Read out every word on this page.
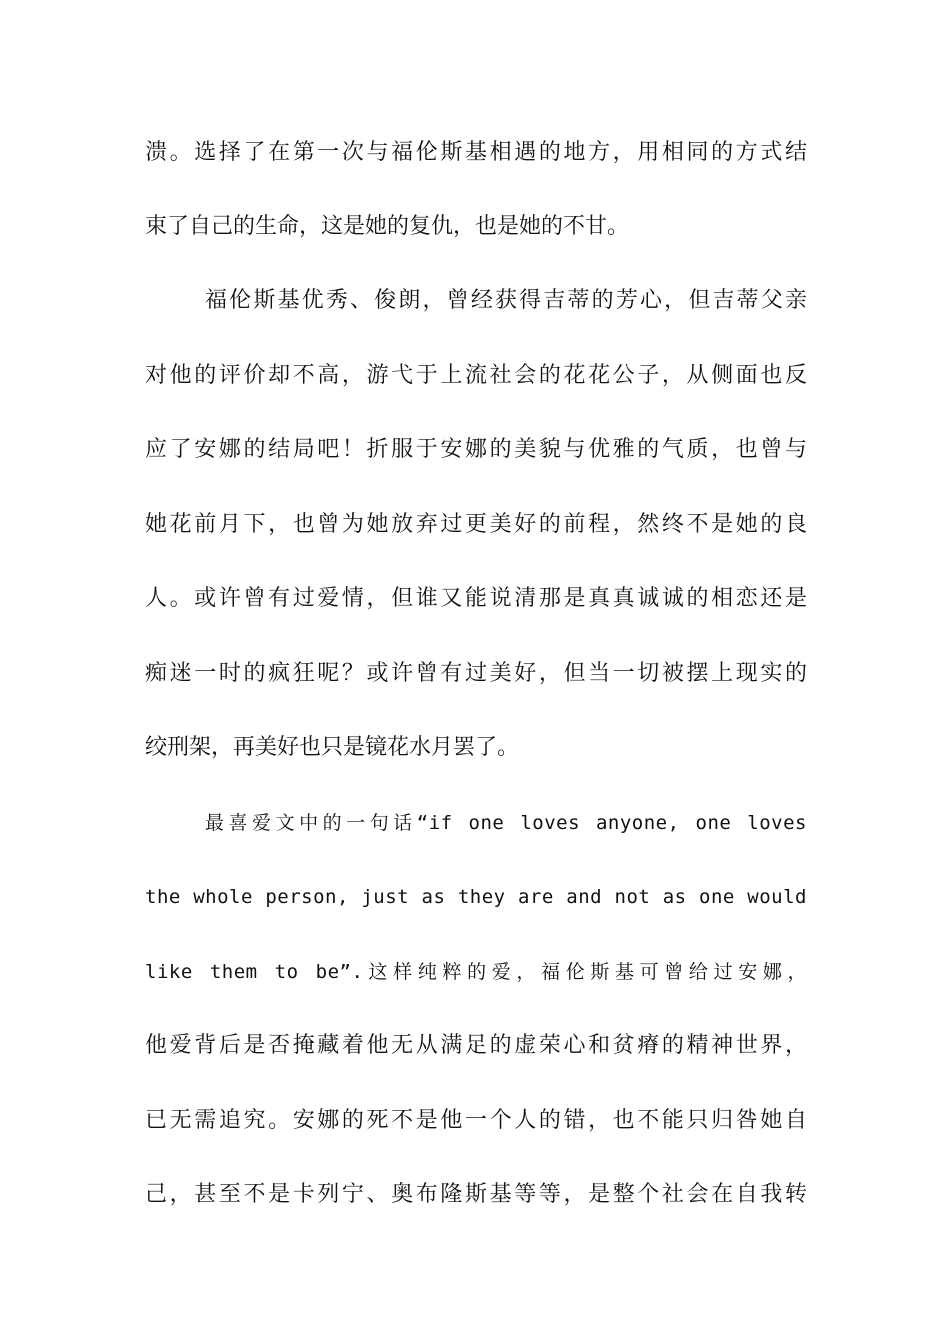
溃。选择了在第一次与福伦斯基相遇的地方，用相同的方式结
束了自己的生命，这是她的复仇，也是她的不甘。
福伦斯基优秀、俊朗，曾经获得吉蒂的芳心，但吉蒂父亲
对他的评价却不高，游弋于上流社会的花花公子，从侧面也反
应了安娜的结局吧！折服于安娜的美貌与优雅的气质，也曾与
她花前月下，也曾为她放弃过更美好的前程，然终不是她的良
人。或许曾有过爱情，但谁又能说清那是真真诚诚的相恋还是
痴迷一时的疯狂呢？或许曾有过美好，但当一切被摆上现实的
绞刑架，再美好也只是镜花水月罢了。
最喜爱文中的一句话“if one loves anyone, one loves
the whole person, just as they are and not as one would
like them to be”.这样纯粹的爱，福伦斯基可曾给过安娜，
他爱背后是否掩藏着他无从满足的虚荣心和贫瘠的精神世界，
已无需追究。安娜的死不是他一个人的错，也不能只归咎她自
己，甚至不是卡列宁、奥布隆斯基等等，是整个社会在自我转
